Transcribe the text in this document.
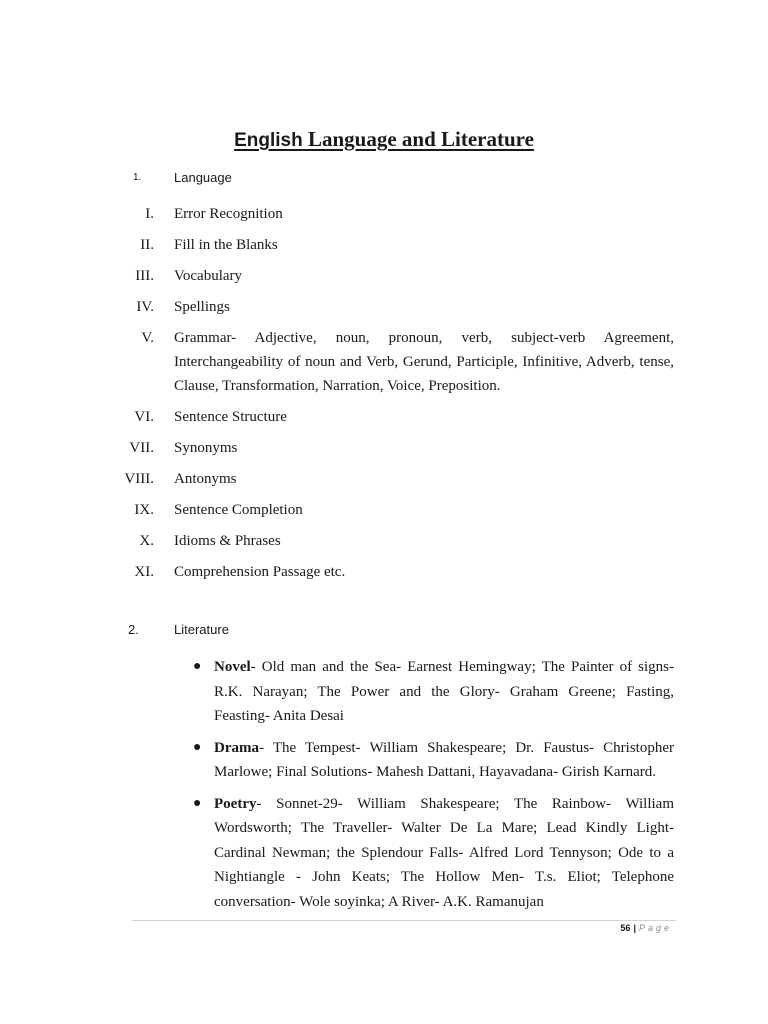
English Language and Literature
1.	Language
I. Error Recognition
II. Fill in the Blanks
III. Vocabulary
IV. Spellings
V. Grammar- Adjective, noun, pronoun, verb, subject-verb Agreement, Interchangeability of noun and Verb, Gerund, Participle, Infinitive, Adverb, tense, Clause, Transformation, Narration, Voice, Preposition.
VI. Sentence Structure
VII. Synonyms
VIII. Antonyms
IX. Sentence Completion
X. Idioms & Phrases
XI. Comprehension Passage etc.
2.	Literature
● Novel- Old man and the Sea- Earnest Hemingway; The Painter of signs- R.K. Narayan; The Power and the Glory- Graham Greene; Fasting, Feasting- Anita Desai
● Drama- The Tempest- William Shakespeare; Dr. Faustus- Christopher Marlowe; Final Solutions- Mahesh Dattani, Hayavadana- Girish Karnard.
● Poetry- Sonnet-29- William Shakespeare; The Rainbow- William Wordsworth; The Traveller- Walter De La Mare; Lead Kindly Light- Cardinal Newman; the Splendour Falls- Alfred Lord Tennyson; Ode to a Nightiangle - John Keats; The Hollow Men- T.s. Eliot; Telephone conversation- Wole soyinka; A River- A.K. Ramanujan
56 | Page
